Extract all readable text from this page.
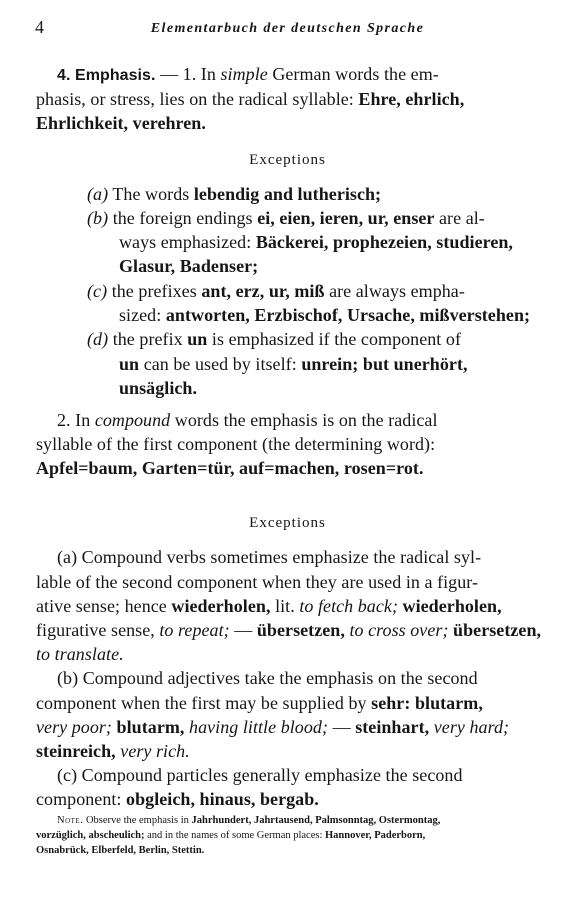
4	Elementarbuch der deutschen Sprache
4. Emphasis. — 1. In simple German words the em-
phasis, or stress, lies on the radical syllable: Ehre, ehrlich,
Ehrlichkeit, verehren.
Exceptions
(a) The words lebendig and lutherisch;
(b) the foreign endings ei, eien, ieren, ur, enser are al-
ways emphasized: Bäckerei, prophezeien, studieren,
Glasur, Badenser;
(c) the prefixes ant, erz, ur, miß are always empha-
sized: antworten, Erzbischof, Ursache, mißverstehen;
(d) the prefix un is emphasized if the component of
un can be used by itself: unrein; but unerhört,
unsäglich.
2. In compound words the emphasis is on the radical
syllable of the first component (the determining word):
Apfel=baum, Garten=tür, auf=machen, rosen=rot.
Exceptions
(a) Compound verbs sometimes emphasize the radical syl-
lable of the second component when they are used in a figur-
ative sense; hence wiederholen, lit. to fetch back; wiederholen,
figurative sense, to repeat; — übersetzen, to cross over; übersetzen,
to translate.
(b) Compound adjectives take the emphasis on the second
component when the first may be supplied by sehr: blutarm,
very poor; blutarm, having little blood; — steinhart, very hard;
steinreich, very rich.
(c) Compound particles generally emphasize the second
component: obgleich, hinaus, bergab.
Note. Observe the emphasis in Jahrhundert, Jahrtausend, Palmsonntag, Ostermontag,
vorzüglich, abscheulich; and in the names of some German places: Hannover, Paderborn,
Osnabrück, Elberfeld, Berlin, Stettin.
